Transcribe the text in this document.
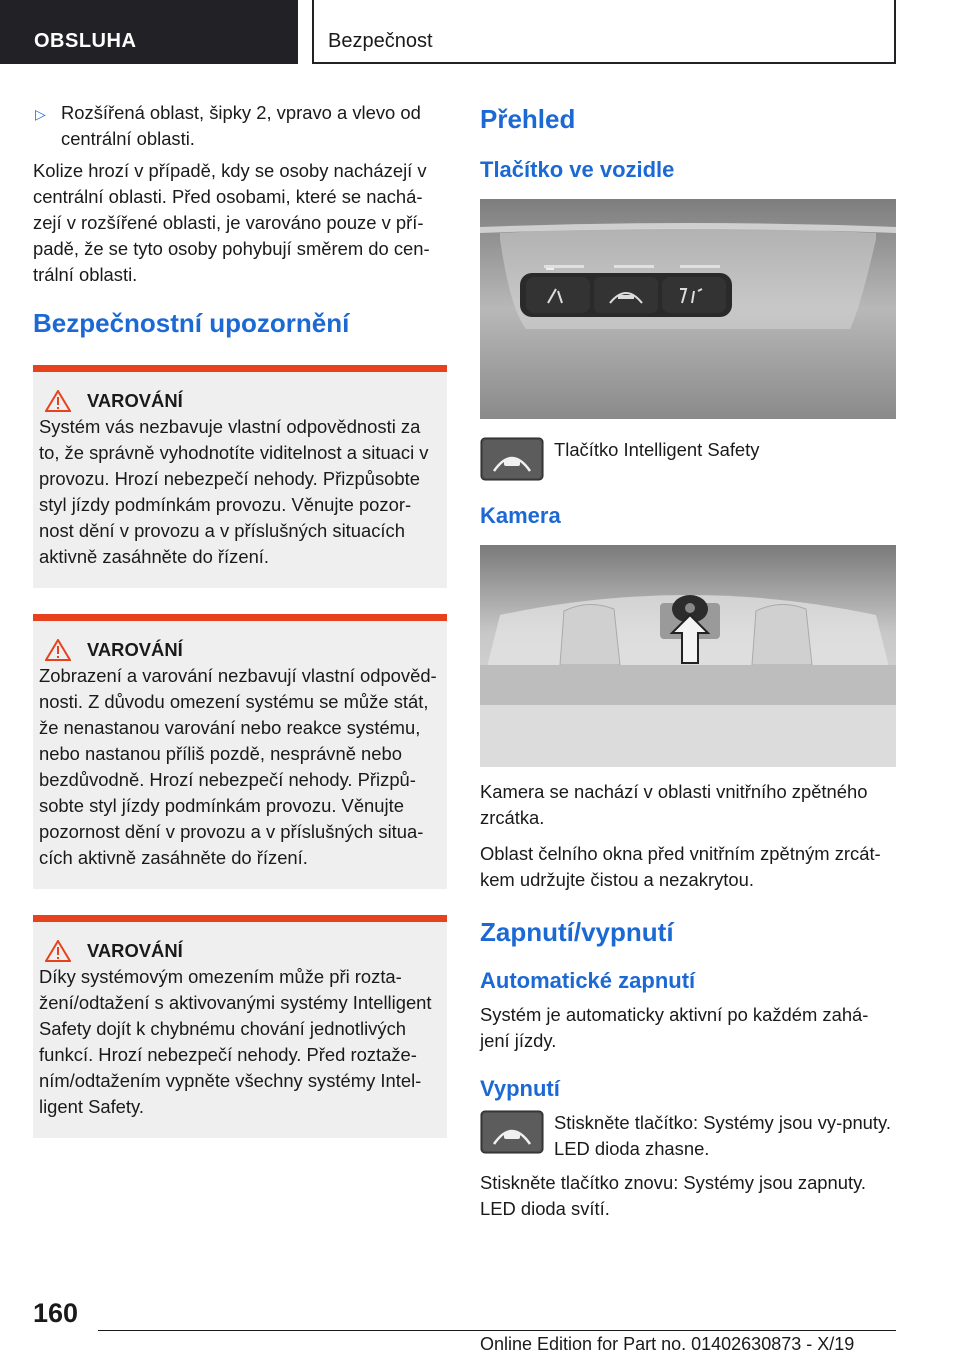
OBSLUHA	Bezpečnost
▷ Rozšířená oblast, šipky 2, vpravo a vlevo od centrální oblasti.

Kolize hrozí v případě, kdy se osoby nacházejí v centrální oblasti. Před osobami, které se nachá‐zejí v rozšířené oblasti, je varováno pouze v pří‐padě, že se tyto osoby pohybují směrem do cen‐trální oblasti.

Bezpečnostní upozornění
VAROVÁNÍ
Systém vás nezbavuje vlastní odpovědnosti za to, že správně vyhodnotíte viditelnost a situaci v provozu. Hrozí nebezpečí nehody. Přizpůsobte styl jízdy podmínkám provozu. Věnujte pozor‐nost dění v provozu a v příslušných situacích aktivně zasáhněte do řízení.
VAROVÁNÍ
Zobrazení a varování nezbavují vlastní odpověd‐nosti. Z důvodu omezení systému se může stát, že nenastanou varování nebo reakce systému, nebo nastanou příliš pozdě, nesprávně nebo bezdůvodně. Hrozí nebezpečí nehody. Přizpů‐sobte styl jízdy podmínkám provozu. Věnujte pozornost dění v provozu a v příslušných situa‐cích aktivně zasáhněte do řízení.
VAROVÁNÍ
Díky systémovým omezením může při rozta‐žení/odtažení s aktivovanými systémy Intelligent Safety dojít k chybnému chování jednotlivých funkcí. Hrozí nebezpečí nehody. Před roztaže‐ním/odtažením vypněte všechny systémy Intel‐ligent Safety.
Přehled
Tlačítko ve vozidle
Tlačítko Intelligent Safety
Kamera

Kamera se nachází v oblasti vnitřního zpětného zrcátka.

Oblast čelního okna před vnitřním zpětným zrcát‐kem udržujte čistou a nezakrytou.

Zapnutí/vypnutí
Automatické zapnutí

Systém je automaticky aktivní po každém zahá‐jení jízdy.

Vypnutí
Stiskněte tlačítko: Systémy jsou vy‐pnuty. LED dioda zhasne.

Stiskněte tlačítko znovu: Systémy jsou zapnuty. LED dioda svítí.

160
Online Edition for Part no. 01402630873 - X/19
